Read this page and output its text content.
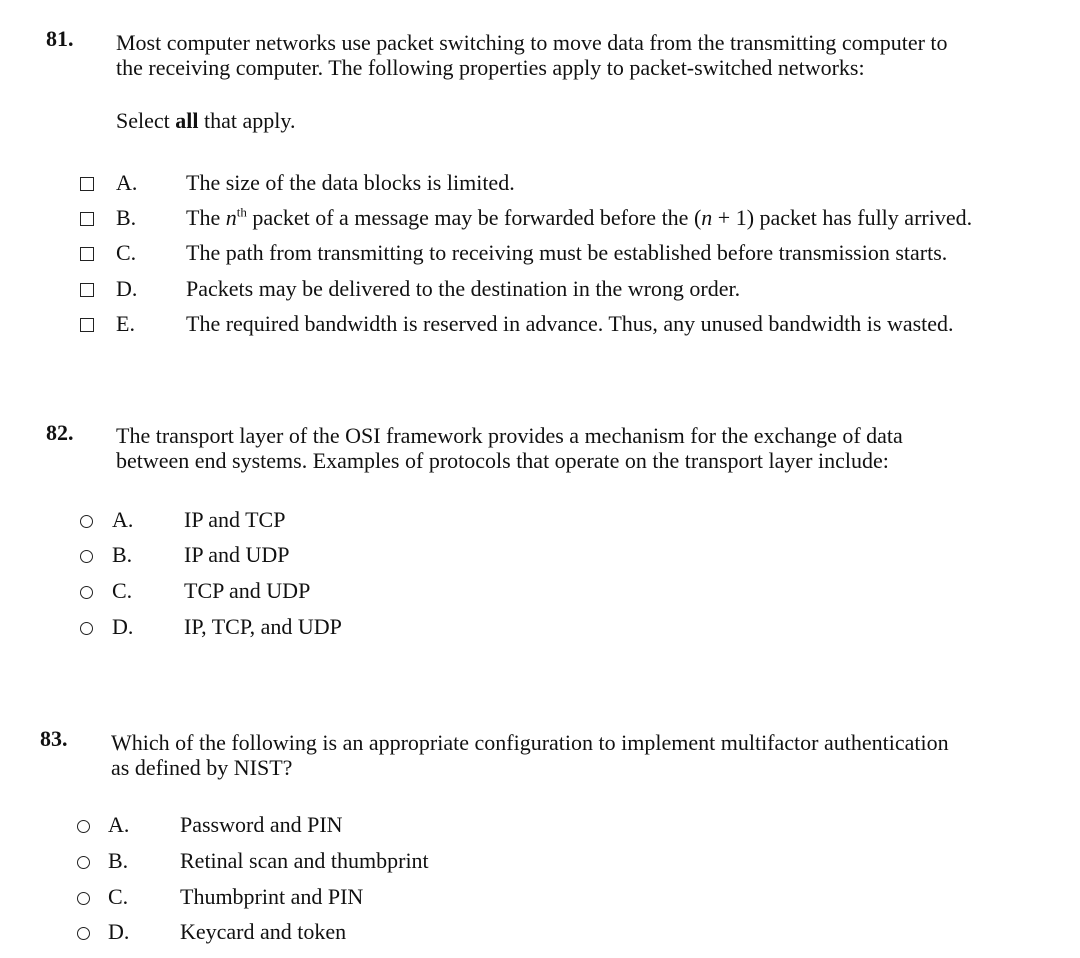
81. Most computer networks use packet switching to move data from the transmitting computer to
the receiving computer. The following properties apply to packet-switched networks:
Select all that apply.
A. The size of the data blocks is limited.
B. The $n^{th}$ packet of a message may be forwarded before the (n + 1) packet has fully arrived.
C. The path from transmitting to receiving must be established before transmission starts.
D. Packets may be delivered to the destination in the wrong order.
E. The required bandwidth is reserved in advance. Thus, any unused bandwidth is wasted.
82. The transport layer of the OSI framework provides a mechanism for the exchange of data
between end systems. Examples of protocols that operate on the transport layer include:
A. IP and TCP
B. IP and UDP
C. TCP and UDP
D. IP, TCP, and UDP
83. Which of the following is an appropriate configuration to implement multifactor authentication
as defined by NIST?
A. Password and PIN
B. Retinal scan and thumbprint
C. Thumbprint and PIN
D. Keycard and token
